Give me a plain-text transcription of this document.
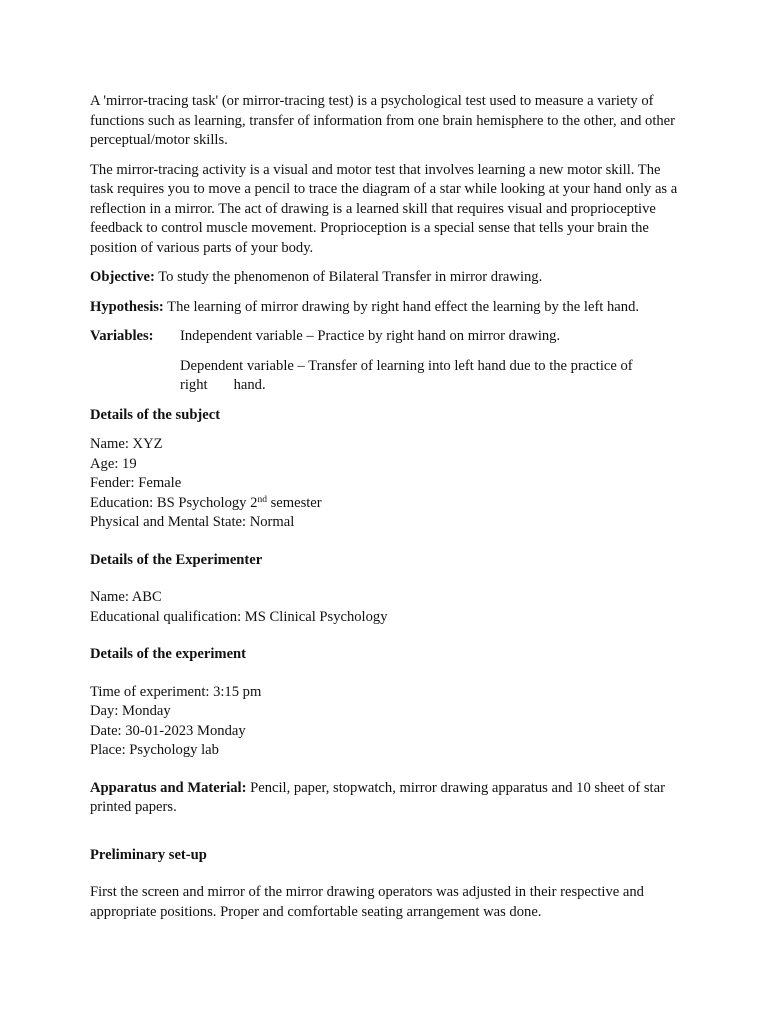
A 'mirror-tracing task' (or mirror-tracing test) is a psychological test used to measure a variety of functions such as learning, transfer of information from one brain hemisphere to the other, and other perceptual/motor skills.

The mirror-tracing activity is a visual and motor test that involves learning a new motor skill. The task requires you to move a pencil to trace the diagram of a star while looking at your hand only as a reflection in a mirror. The act of drawing is a learned skill that requires visual and proprioceptive feedback to control muscle movement. Proprioception is a special sense that tells your brain the position of various parts of your body.

Objective: To study the phenomenon of Bilateral Transfer in mirror drawing.

Hypothesis: The learning of mirror drawing by right hand effect the learning by the left hand.

Variables:	Independent variable – Practice by right hand on mirror drawing.
Dependent variable – Transfer of learning into left hand due to the practice of
right hand.

Details of the subject

Name: XYZ
Age: 19
Fender: Female
Education: BS Psychology 2nd semester
Physical and Mental State: Normal

Details of the Experimenter

Name: ABC
Educational qualification: MS Clinical Psychology

Details of the experiment

Time of experiment: 3:15 pm
Day: Monday
Date: 30-01-2023 Monday
Place: Psychology lab

Apparatus and Material: Pencil, paper, stopwatch, mirror drawing apparatus and 10 sheet of star printed papers.

Preliminary set-up

First the screen and mirror of the mirror drawing operators was adjusted in their respective and appropriate positions. Proper and comfortable seating arrangement was done.
